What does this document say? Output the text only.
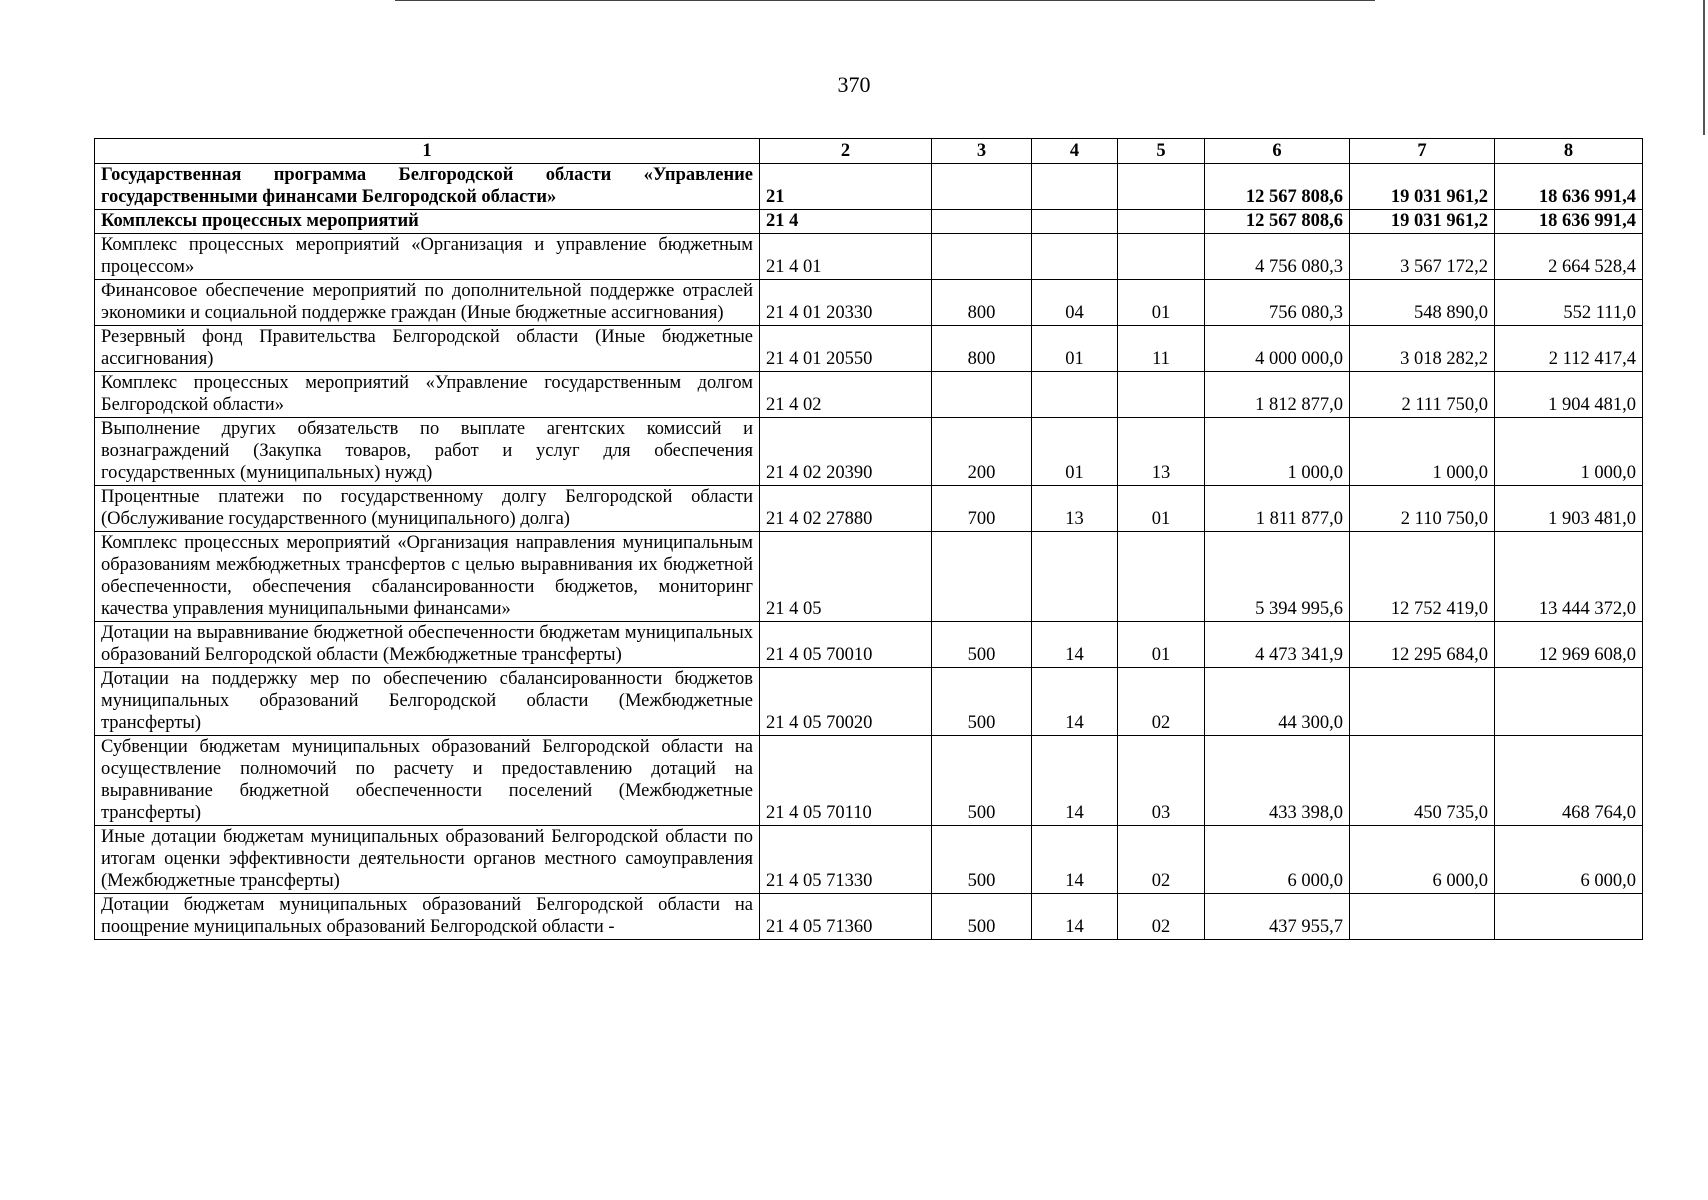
370
1	2	3	4	5	6	7	8
Государственная программа Белгородской области «Управление государственными финансами Белгородской области»	21				12 567 808,6	19 031 961,2	18 636 991,4
Комплексы процессных мероприятий	21 4				12 567 808,6	19 031 961,2	18 636 991,4
Комплекс процессных мероприятий «Организация и управление бюджетным процессом»	21 4 01				4 756 080,3	3 567 172,2	2 664 528,4
Финансовое обеспечение мероприятий по дополнительной поддержке отраслей экономики и социальной поддержке граждан (Иные бюджетные ассигнования)	21 4 01 20330	800	04	01	756 080,3	548 890,0	552 111,0
Резервный фонд Правительства Белгородской области (Иные бюджетные ассигнования)	21 4 01 20550	800	01	11	4 000 000,0	3 018 282,2	2 112 417,4
Комплекс процессных мероприятий «Управление государственным долгом Белгородской области»	21 4 02				1 812 877,0	2 111 750,0	1 904 481,0
Выполнение других обязательств по выплате агентских комиссий и вознаграждений (Закупка товаров, работ и услуг для обеспечения государственных (муниципальных) нужд)	21 4 02 20390	200	01	13	1 000,0	1 000,0	1 000,0
Процентные платежи по государственному долгу Белгородской области (Обслуживание государственного (муниципального) долга)	21 4 02 27880	700	13	01	1 811 877,0	2 110 750,0	1 903 481,0
Комплекс процессных мероприятий «Организация направления муниципальным образованиям межбюджетных трансфертов с целью выравнивания их бюджетной обеспеченности, обеспечения сбалансированности бюджетов, мониторинг качества управления муниципальными финансами»	21 4 05				5 394 995,6	12 752 419,0	13 444 372,0
Дотации на выравнивание бюджетной обеспеченности бюджетам муниципальных образований Белгородской области (Межбюджетные трансферты)	21 4 05 70010	500	14	01	4 473 341,9	12 295 684,0	12 969 608,0
Дотации на поддержку мер по обеспечению сбалансированности бюджетов муниципальных образований Белгородской области (Межбюджетные трансферты)	21 4 05 70020	500	14	02	44 300,0		
Субвенции бюджетам муниципальных образований Белгородской области на осуществление полномочий по расчету и предоставлению дотаций на выравнивание бюджетной обеспеченности поселений (Межбюджетные трансферты)	21 4 05 70110	500	14	03	433 398,0	450 735,0	468 764,0
Иные дотации бюджетам муниципальных образований Белгородской области по итогам оценки эффективности деятельности органов местного самоуправления (Межбюджетные трансферты)	21 4 05 71330	500	14	02	6 000,0	6 000,0	6 000,0
Дотации бюджетам муниципальных образований Белгородской области на поощрение муниципальных образований Белгородской области -	21 4 05 71360	500	14	02	437 955,7		
